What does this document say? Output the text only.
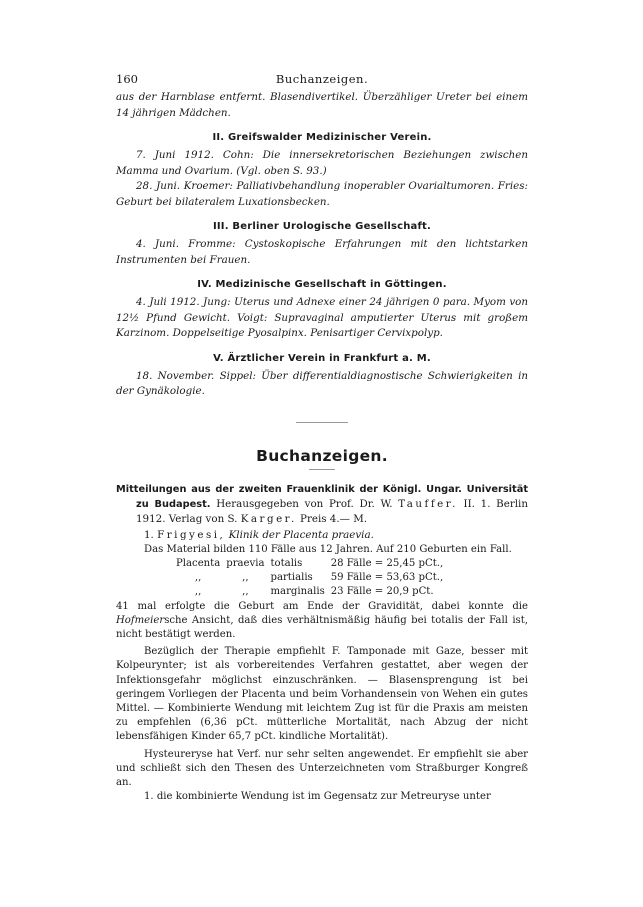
160	Buchanzeigen.

aus der Harnblase entfernt. Blasendivertikel. Überzähliger Ureter bei einem 14 jährigen Mädchen.

II. Greifswalder Medizinischer Verein.

7. Juni 1912. Cohn: Die innersekretorischen Beziehungen zwischen Mamma und Ovarium. (Vgl. oben S. 93.)

28. Juni. Kroemer: Palliativbehandlung inoperabler Ovarialtumoren. Fries: Geburt bei bilateralem Luxationsbecken.

III. Berliner Urologische Gesellschaft.

4. Juni. Fromme: Cystoskopische Erfahrungen mit den lichtstarken Instrumenten bei Frauen.

IV. Medizinische Gesellschaft in Göttingen.

4. Juli 1912. Jung: Uterus und Adnexe einer 24 jährigen 0 para. Myom von 12½ Pfund Gewicht. Voigt: Supravaginal amputierter Uterus mit großem Karzinom. Doppelseitige Pyosalpinx. Penisartiger Cervixpolyp.

V. Ärztlicher Verein in Frankfurt a. M.

18. November. Sippel: Über differentialdiagnostische Schwierigkeiten in der Gynäkologie.

Buchanzeigen.

Mitteilungen aus der zweiten Frauenklinik der Königl. Ungar. Universität zu Budapest. Herausgegeben von Prof. Dr. W. Tauffer. II. 1. Berlin 1912. Verlag von S. Karger. Preis 4.— M.

1. Frigyesi, Klinik der Placenta praevia.

Das Material bilden 110 Fälle aus 12 Jahren. Auf 210 Geburten ein Fall.

Placenta	praevia	totalis	28 Fälle = 25,45 pCt.,
,,	,,	partialis	59 Fälle = 53,63 pCt.,
,,	,,	marginalis	23 Fälle = 20,9 pCt.

41 mal erfolgte die Geburt am Ende der Gravidität, dabei konnte die Hofmeiersche Ansicht, daß dies verhältnismäßig häufig bei totalis der Fall ist, nicht bestätigt werden.

Bezüglich der Therapie empfiehlt F. Tamponade mit Gaze, besser mit Kolpeurynter; ist als vorbereitendes Verfahren gestattet, aber wegen der Infektionsgefahr möglichst einzuschränken. — Blasensprengung ist bei geringem Vorliegen der Placenta und beim Vorhandensein von Wehen ein gutes Mittel. — Kombinierte Wendung mit leichtem Zug ist für die Praxis am meisten zu empfehlen (6,36 pCt. mütterliche Mortalität, nach Abzug der nicht lebensfähigen Kinder 65,7 pCt. kindliche Mortalität).

Hysteureryse hat Verf. nur sehr selten angewendet. Er empfiehlt sie aber und schließt sich den Thesen des Unterzeichneten vom Straßburger Kongreß an.

1. die kombinierte Wendung ist im Gegensatz zur Metreuryse unter
